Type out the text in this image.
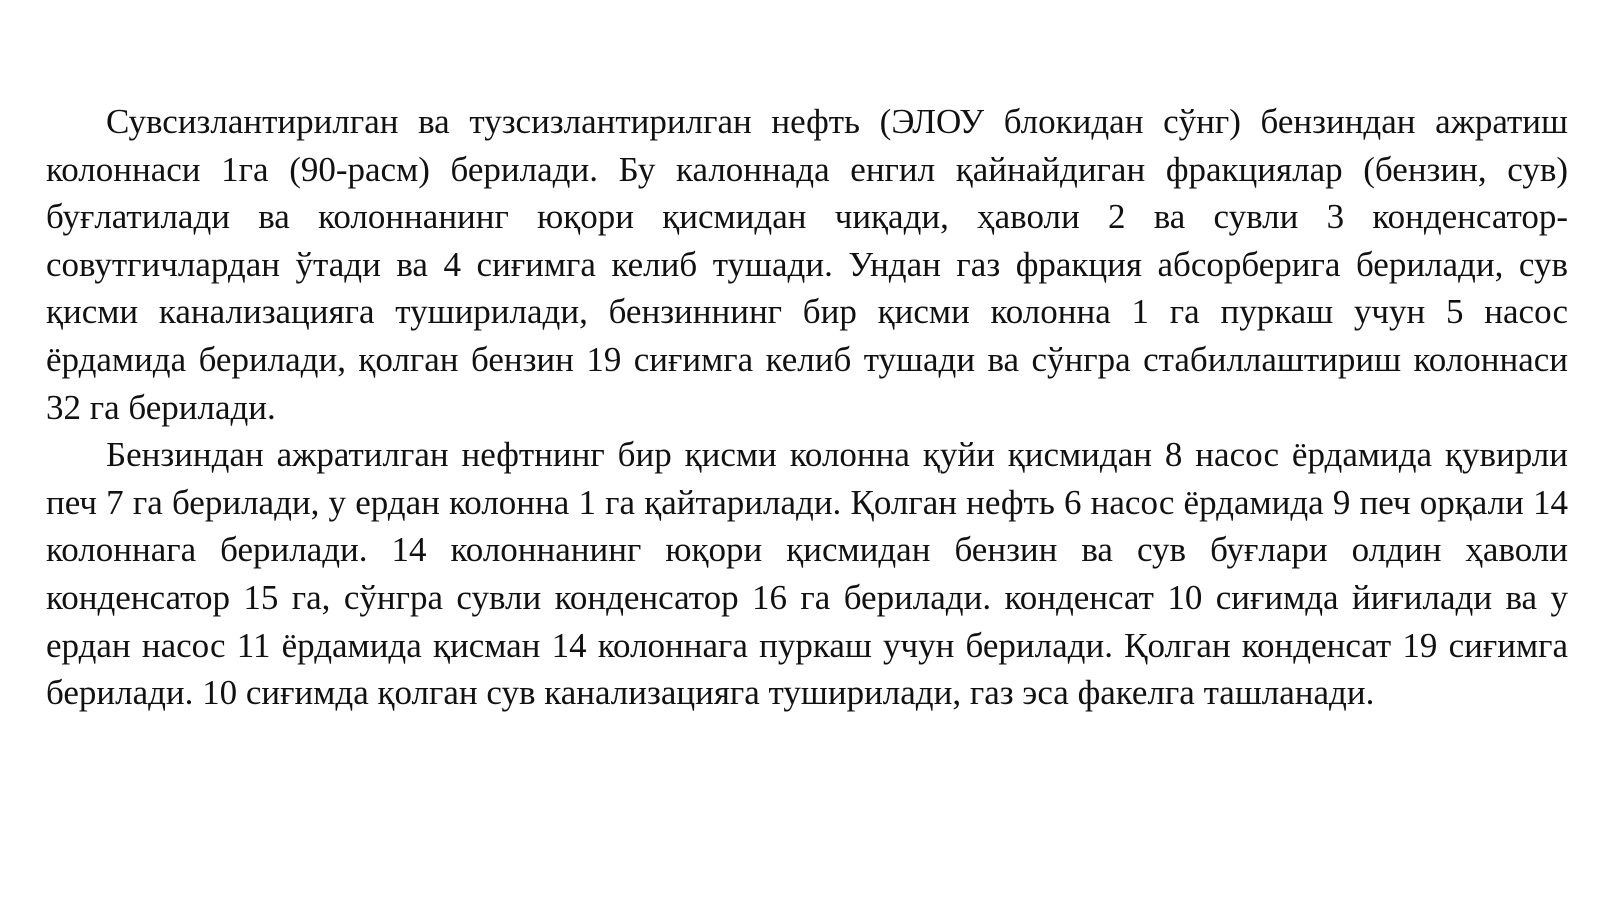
Сувсизлантирилган ва тузсизлантирилган нефть (ЭЛОУ блокидан сўнг) бензиндан ажратиш колоннаси 1га (90-расм) берилади. Бу калоннада енгил қайнайдиган фракциялар (бензин, сув) буғлатилади ва колоннанинг юқори қисмидан чиқади, ҳаволи 2 ва сувли 3 конденсатор-совутгичлардан ўтади ва 4 сиғимга келиб тушади. Ундан газ фракция абсорберига берилади, сув қисми канализацияга туширилади, бензиннинг бир қисми колонна 1 га пуркаш учун 5 насос ёрдамида берилади, қолган бензин 19 сиғимга келиб тушади ва сўнгра стабиллаштириш колоннаси 32 га берилади.

Бензиндан ажратилган нефтнинг бир қисми колонна қуйи қисмидан 8 насос ёрдамида қувирли печ 7 га берилади, у ердан колонна 1 га қайтарилади. Қолган нефть 6 насос ёрдамида 9 печ орқали 14 колоннага берилади. 14 колоннанинг юқори қисмидан бензин ва сув буғлари олдин ҳаволи конденсатор 15 га, сўнгра сувли конденсатор 16 га берилади. конденсат 10 сиғимда йиғилади ва у ердан насос 11 ёрдамида қисман 14 колоннага пуркаш учун берилади. Қолган конденсат 19 сиғимга берилади. 10 сиғимда қолган сув канализацияга туширилади, газ эса факелга ташланади.
